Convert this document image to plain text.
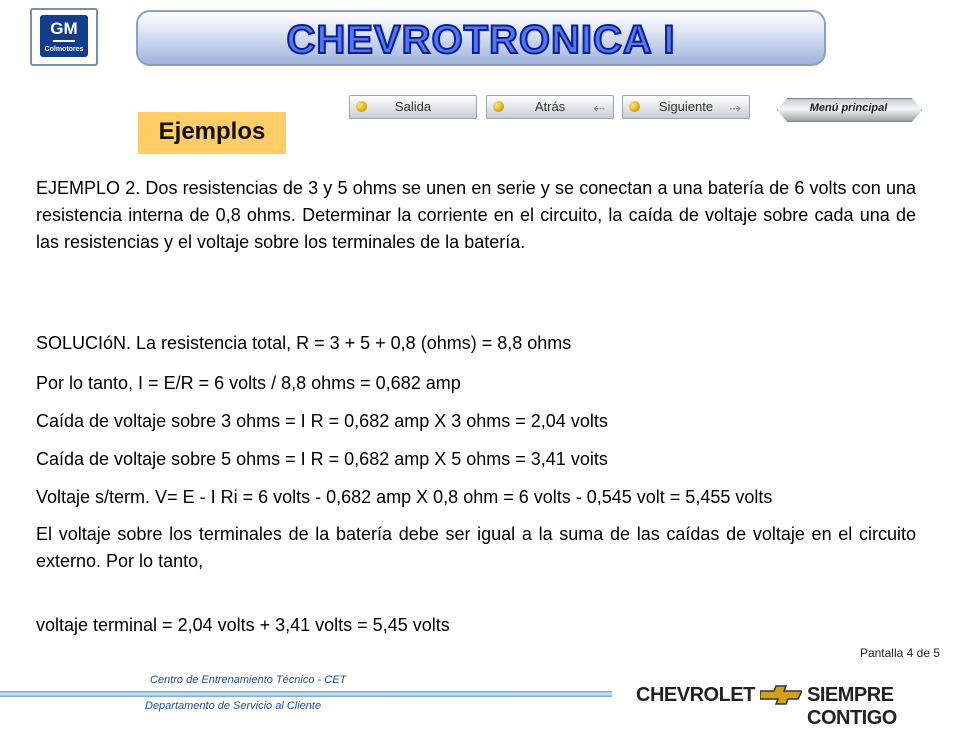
GM
Colmotores	CHEVROTRONICA I
Salida	Atrás	⇠	Siguiente	⇢	Menú principal
Ejemplos
EJEMPLO 2. Dos resistencias de 3 y 5 ohms se unen en serie y se conectan a una batería de 6 volts con una resistencia interna de 0,8 ohms. Determinar la corriente en el circuito, la caída de voltaje sobre cada una de las resistencias y el voltaje sobre los terminales de la batería.
SOLUCIóN. La resistencia total, R = 3 + 5 + 0,8 (ohms) = 8,8 ohms
Por lo tanto, I = E/R = 6 volts / 8,8 ohms = 0,682 amp
Caída de voltaje sobre 3 ohms = I R = 0,682 amp X 3 ohms = 2,04 volts
Caída de voltaje sobre 5 ohms = I R = 0,682 amp X 5 ohms = 3,41 voits
Voltaje s/term. V= E - I Ri = 6 volts - 0,682 amp X 0,8 ohm = 6 volts - 0,545 volt = 5,455 volts
El voltaje sobre los terminales de la batería debe ser igual a la suma de las caídas de voltaje en el circuito externo. Por lo tanto,
voltaje terminal = 2,04 volts + 3,41 volts = 5,45 volts
Pantalla 4 de 5
Centro de Entrenamiento Técnico - CET
Departamento de Servicio al Cliente	CHEVROLET	SIEMPRE CONTIGO
